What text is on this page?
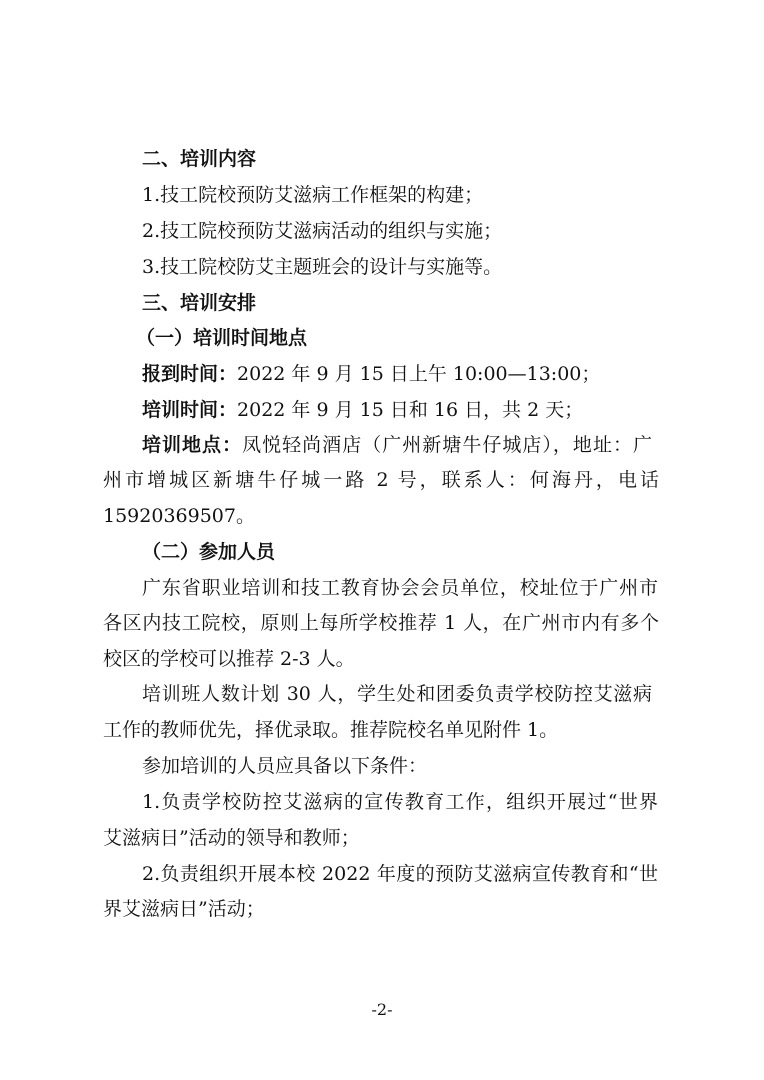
二、培训内容
1.技工院校预防艾滋病工作框架的构建；
2.技工院校预防艾滋病活动的组织与实施；
3.技工院校防艾主题班会的设计与实施等。
三、培训安排
（一）培训时间地点
报到时间：2022 年 9 月 15 日上午 10:00—13:00；
培训时间：2022 年 9 月 15 日和 16 日，共 2 天；
培训地点：凤悦轻尚酒店（广州新塘牛仔城店），地址：广
州市增城区新塘牛仔城一路 2 号，联系人：何海丹，电话
15920369507。
（二）参加人员
广东省职业培训和技工教育协会会员单位，校址位于广州市
各区内技工院校，原则上每所学校推荐 1 人，在广州市内有多个
校区的学校可以推荐 2-3 人。
培训班人数计划 30 人，学生处和团委负责学校防控艾滋病
工作的教师优先，择优录取。推荐院校名单见附件 1。
参加培训的人员应具备以下条件：
1.负责学校防控艾滋病的宣传教育工作，组织开展过“世界
艾滋病日”活动的领导和教师；
2.负责组织开展本校 2022 年度的预防艾滋病宣传教育和“世
界艾滋病日”活动；
-2-
